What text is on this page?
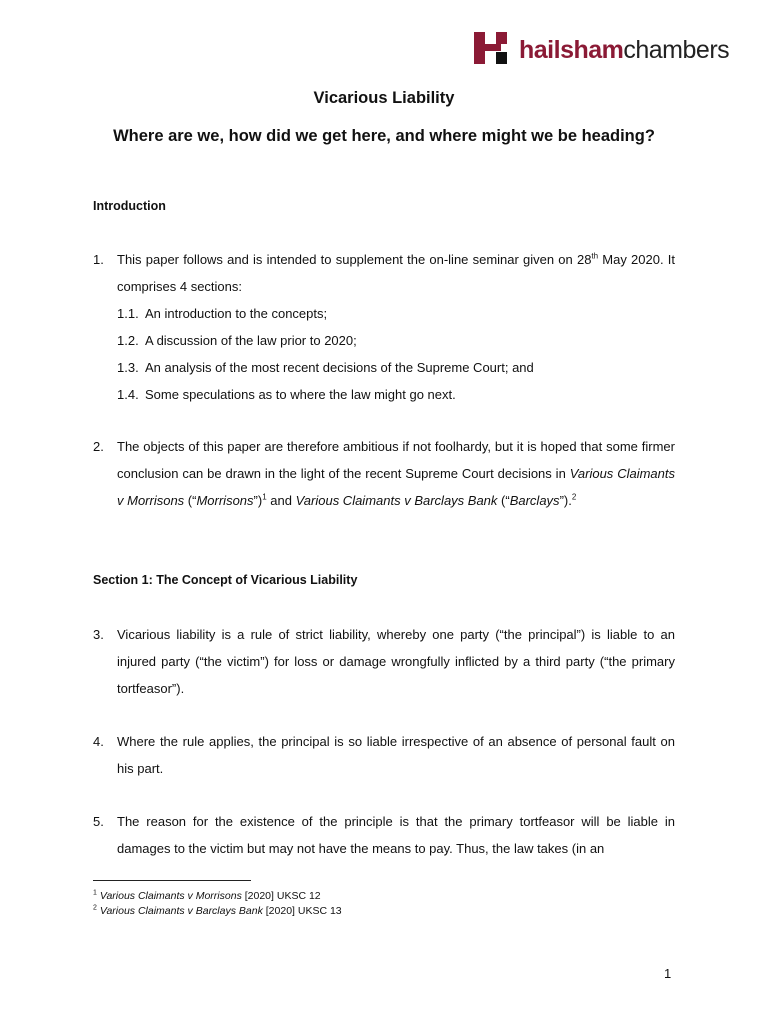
hailshamchambers
Vicarious Liability
Where are we, how did we get here, and where might we be heading?
Introduction
1. This paper follows and is intended to supplement the on-line seminar given on 28th May 2020. It comprises 4 sections:

1.1. An introduction to the concepts;

1.2. A discussion of the law prior to 2020;

1.3. An analysis of the most recent decisions of the Supreme Court; and

1.4. Some speculations as to where the law might go next.

2. The objects of this paper are therefore ambitious if not foolhardy, but it is hoped that some firmer conclusion can be drawn in the light of the recent Supreme Court decisions in Various Claimants v Morrisons (“Morrisons”)$^1$ and Various Claimants v Barclays Bank (“Barclays”).$^2$

Section 1: The Concept of Vicarious Liability
3. Vicarious liability is a rule of strict liability, whereby one party (“the principal”) is liable to an injured party (“the victim”) for loss or damage wrongfully inflicted by a third party (“the primary tortfeasor”).

4. Where the rule applies, the principal is so liable irrespective of an absence of personal fault on his part.

5. The reason for the existence of the principle is that the primary tortfeasor will be liable in damages to the victim but may not have the means to pay. Thus, the law takes (in an

$^1$ Various Claimants v Morrisons [2020] UKSC 12
$^2$ Various Claimants v Barclays Bank [2020] UKSC 13
1
